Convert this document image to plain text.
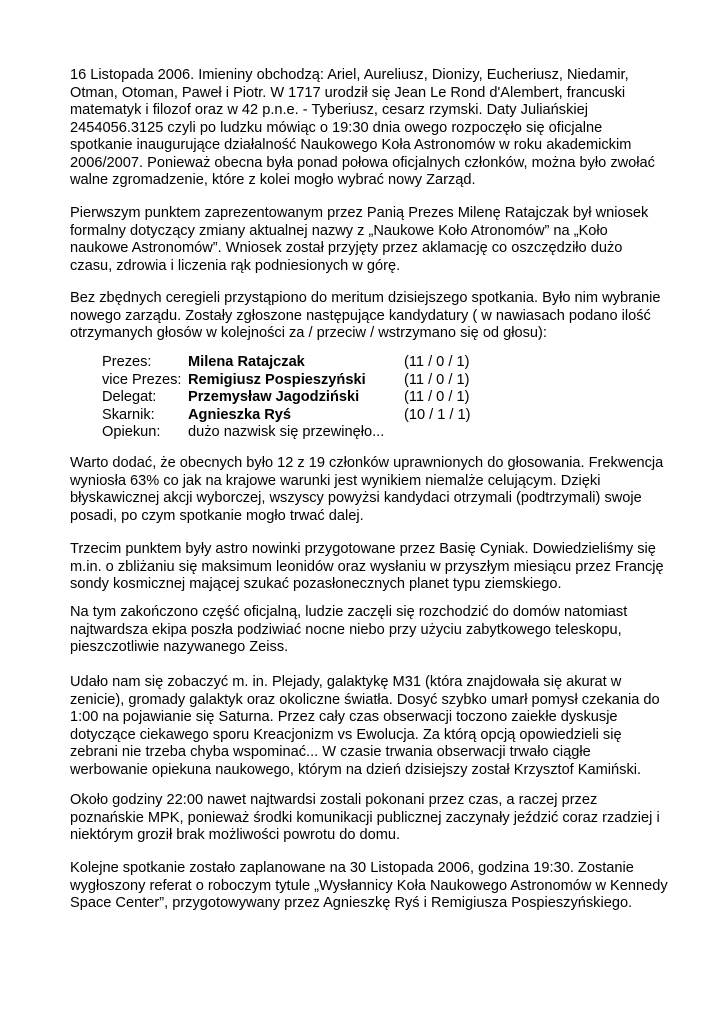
16 Listopada 2006. Imieniny obchodzą: Ariel, Aureliusz, Dionizy, Eucheriusz, Niedamir, Otman, Otoman, Paweł i Piotr. W 1717 urodził się Jean Le Rond d'Alembert, francuski matematyk i filozof oraz w 42 p.n.e. - Tyberiusz, cesarz rzymski. Daty Juliańskiej 2454056.3125 czyli po ludzku mówiąc o 19:30 dnia owego rozpoczęło się oficjalne spotkanie inaugurujące działalność Naukowego Koła Astronomów w roku akademickim 2006/2007. Ponieważ obecna była ponad połowa oficjalnych członków, można było zwołać walne zgromadzenie, które z kolei mogło wybrać nowy Zarząd.

Pierwszym punktem zaprezentowanym przez Panią Prezes Milenę Ratajczak był wniosek formalny dotyczący zmiany aktualnej nazwy z „Naukowe Koło Atronomów” na „Koło naukowe Astronomów”. Wniosek został przyjęty przez aklamację co oszczędziło dużo czasu, zdrowia i liczenia rąk podniesionych w górę.

Bez zbędnych ceregieli przystąpiono do meritum dzisiejszego spotkania. Było nim wybranie nowego zarządu. Zostały zgłoszone następujące kandydatury ( w nawiasach podano ilość otrzymanych głosów w kolejności za / przeciw / wstrzymano się od głosu):

Prezes:	Milena Ratajczak	(11 / 0 / 1)
vice Prezes: Remigiusz Pospieszyński	(11 / 0 / 1)
Delegat: Przemysław Jagodziński	(11 / 0 / 1)
Skarnik: Agnieszka Ryś	(10 / 1 / 1)
Opiekun: dużo nazwisk się przewinęło...

Warto dodać, że obecnych było 12 z 19 członków uprawnionych do głosowania. Frekwencja wyniosła 63% co jak na krajowe warunki jest wynikiem niemalże celującym. Dzięki błyskawicznej akcji wyborczej, wszyscy powyżsi kandydaci otrzymali (podtrzymali) swoje posadi, po czym spotkanie mogło trwać dalej.

Trzecim punktem były astro nowinki przygotowane przez Basię Cyniak. Dowiedzieliśmy się m.in. o zbliżaniu się maksimum leonidów oraz wysłaniu w przyszłym miesiącu przez Francję sondy kosmicznej mającej szukać pozasłonecznych planet typu ziemskiego.

Na tym zakończono część oficjalną, ludzie zaczęli się rozchodzić do domów natomiast najtwardsza ekipa poszła podziwiać nocne niebo przy użyciu zabytkowego teleskopu, pieszczotliwie nazywanego Zeiss.

Udało nam się zobaczyć m. in. Plejady, galaktykę M31 (która znajdowała się akurat w zenicie), gromady galaktyk oraz okoliczne światła. Dosyć szybko umarł pomysł czekania do 1:00 na pojawianie się Saturna. Przez cały czas obserwacji toczono zaiekłe dyskusje dotyczące ciekawego sporu Kreacjonizm vs Ewolucja. Za którą opcją opowiedzieli się zebrani nie trzeba chyba wspominać... W czasie trwania obserwacji trwało ciągłe werbowanie opiekuna naukowego, którym na dzień dzisiejszy został Krzysztof Kamiński.

Około godziny 22:00 nawet najtwardsi zostali pokonani przez czas, a raczej przez poznańskie MPK, ponieważ środki komunikacji publicznej zaczynały jeździć coraz rzadziej i niektórym groził brak możliwości powrotu do domu.

Kolejne spotkanie zostało zaplanowane na 30 Listopada 2006, godzina 19:30. Zostanie wygłoszony referat o roboczym tytule „Wysłannicy Koła Naukowego Astronomów w Kennedy Space Center”, przygotowywany przez Agnieszkę Ryś i Remigiusza Pospieszyńskiego.
